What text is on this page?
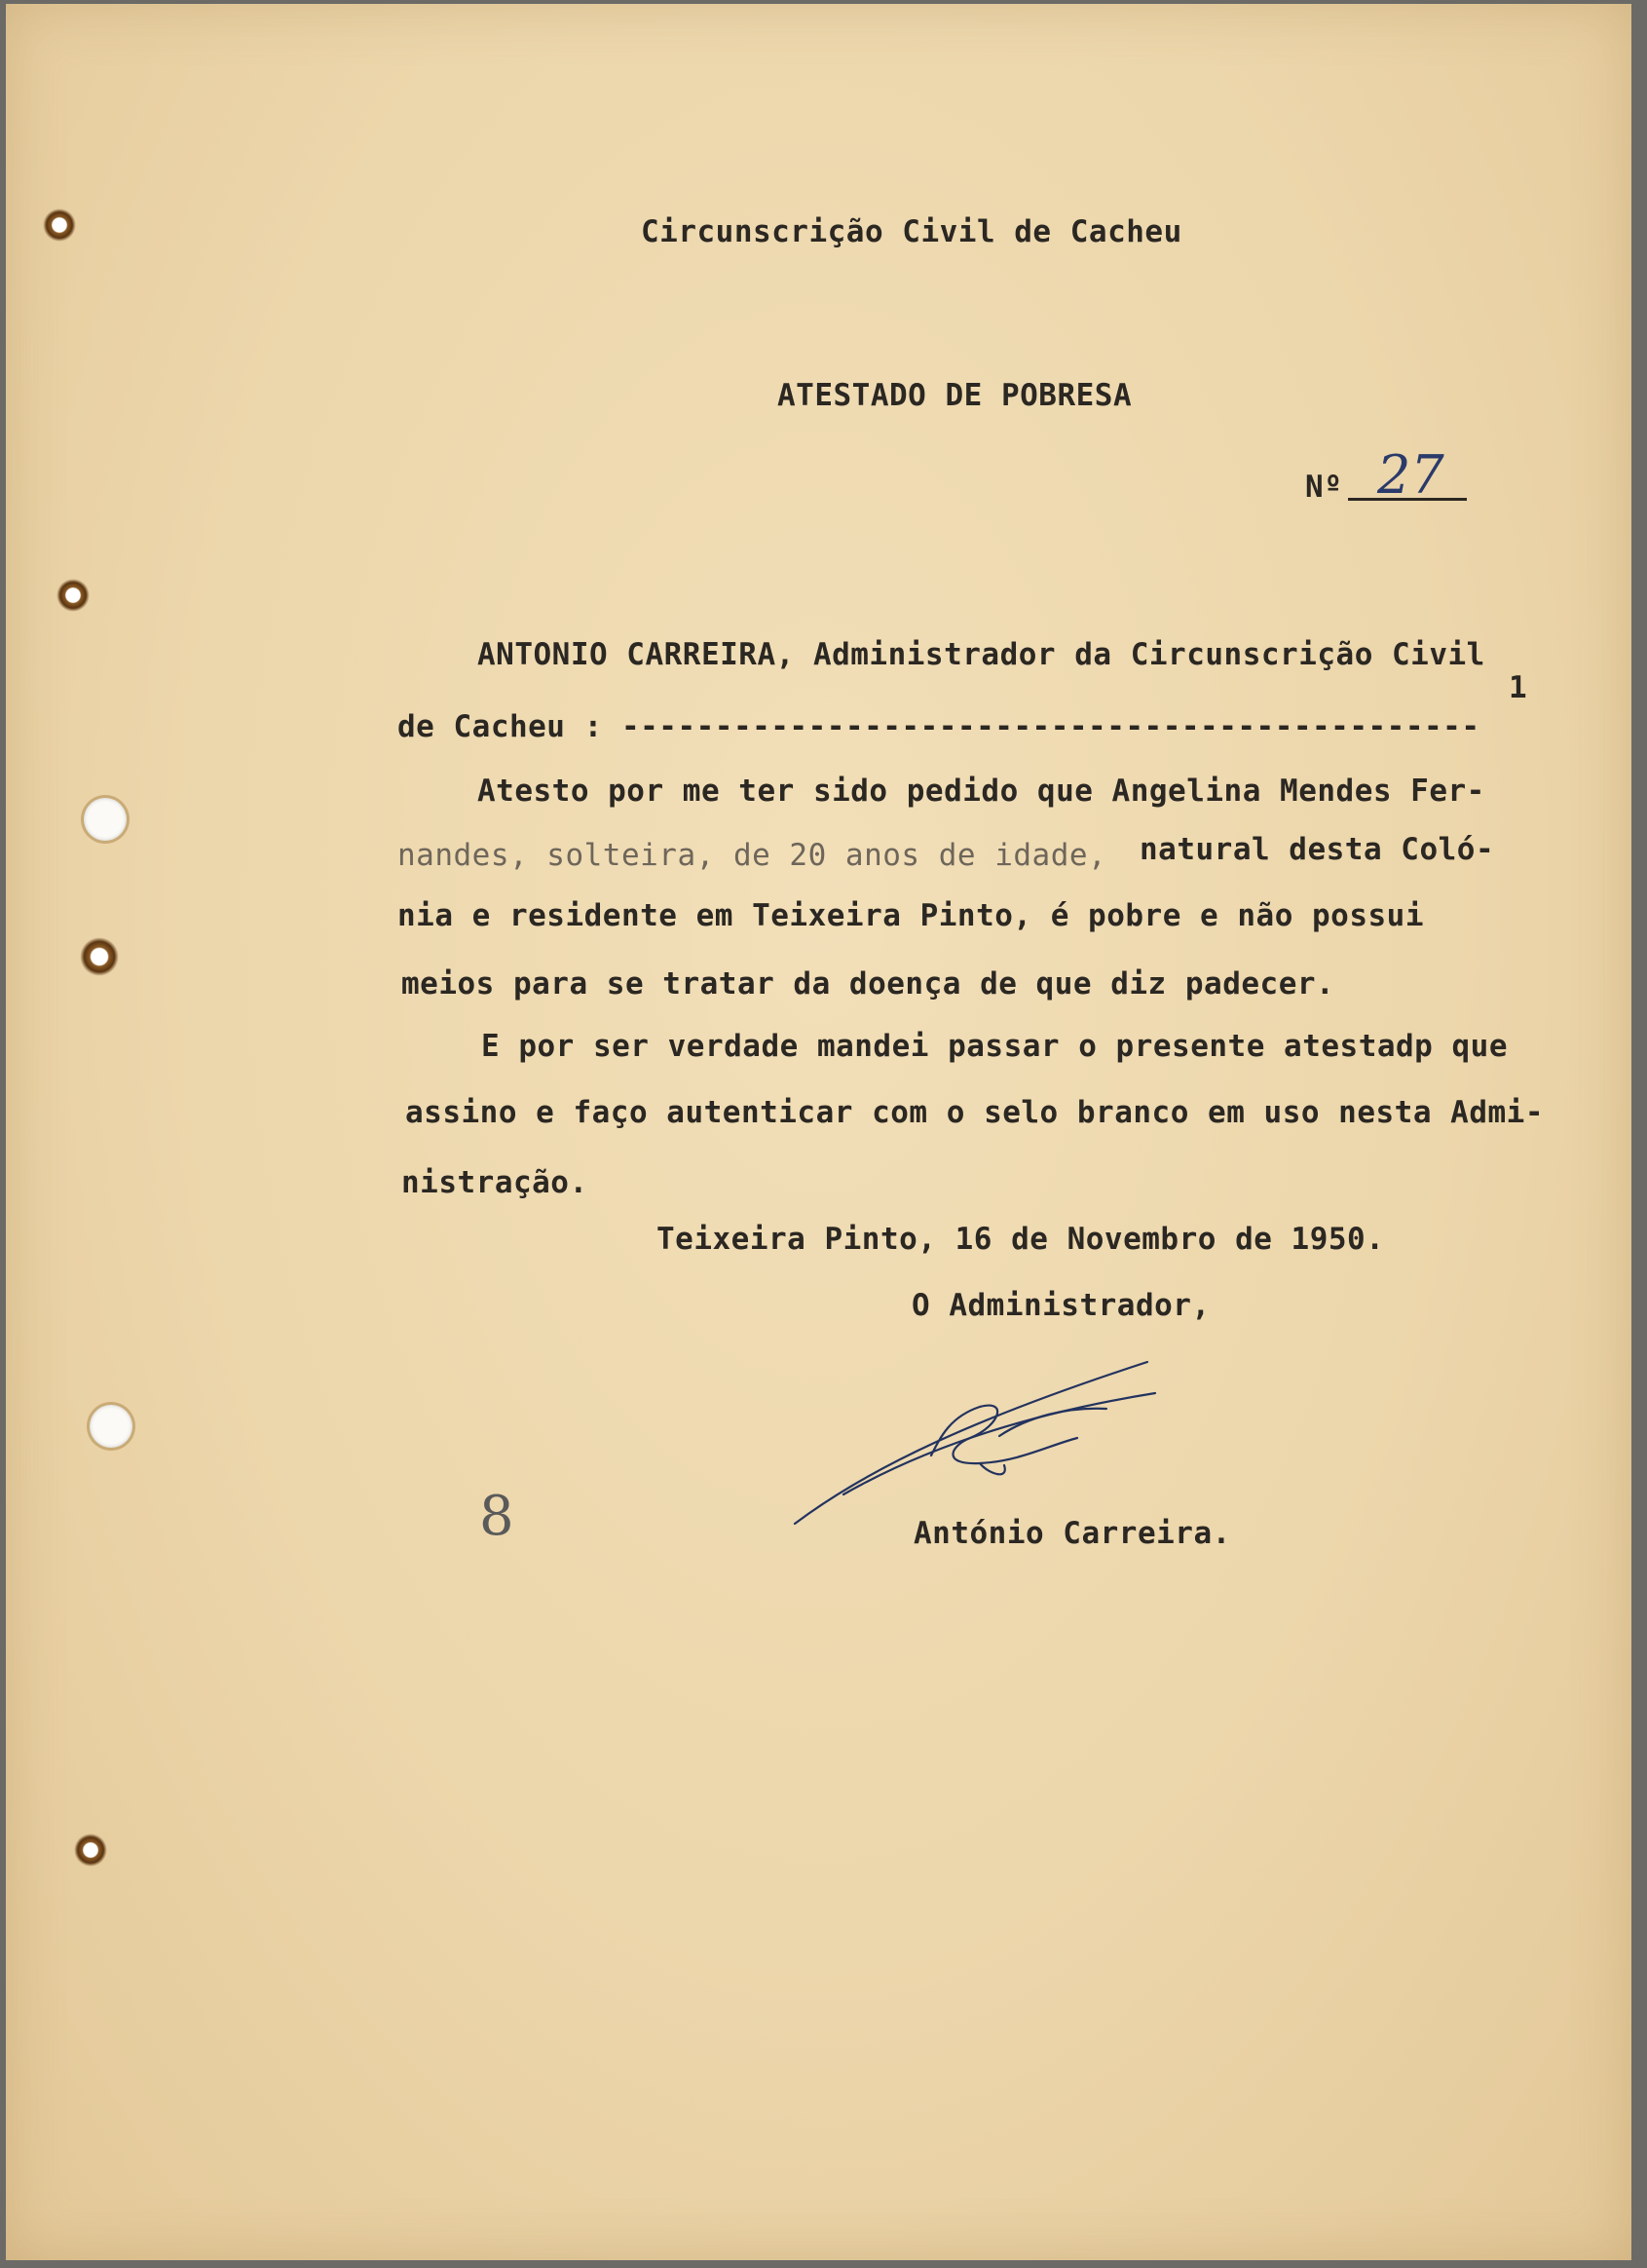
Circunscrição Civil de Cacheu
ATESTADO DE POBRESA
Nº 27
ANTONIO CARREIRA, Administrador da Circunscrição Civil
1
de Cacheu : ----------------------------------------------
Atesto por me ter sido pedido que Angelina Mendes Fer-
nandes, solteira, de 20 anos de idade, natural desta Coló-
nia e residente em Teixeira Pinto, é pobre e não possui
meios para se tratar da doença de que diz padecer.
E por ser verdade mandei passar o presente atestadp que
assino e faço autenticar com o selo branco em uso nesta Admi-
nistração.
Teixeira Pinto, 16 de Novembro de 1950.
O Administrador,
António Carreira.
8
